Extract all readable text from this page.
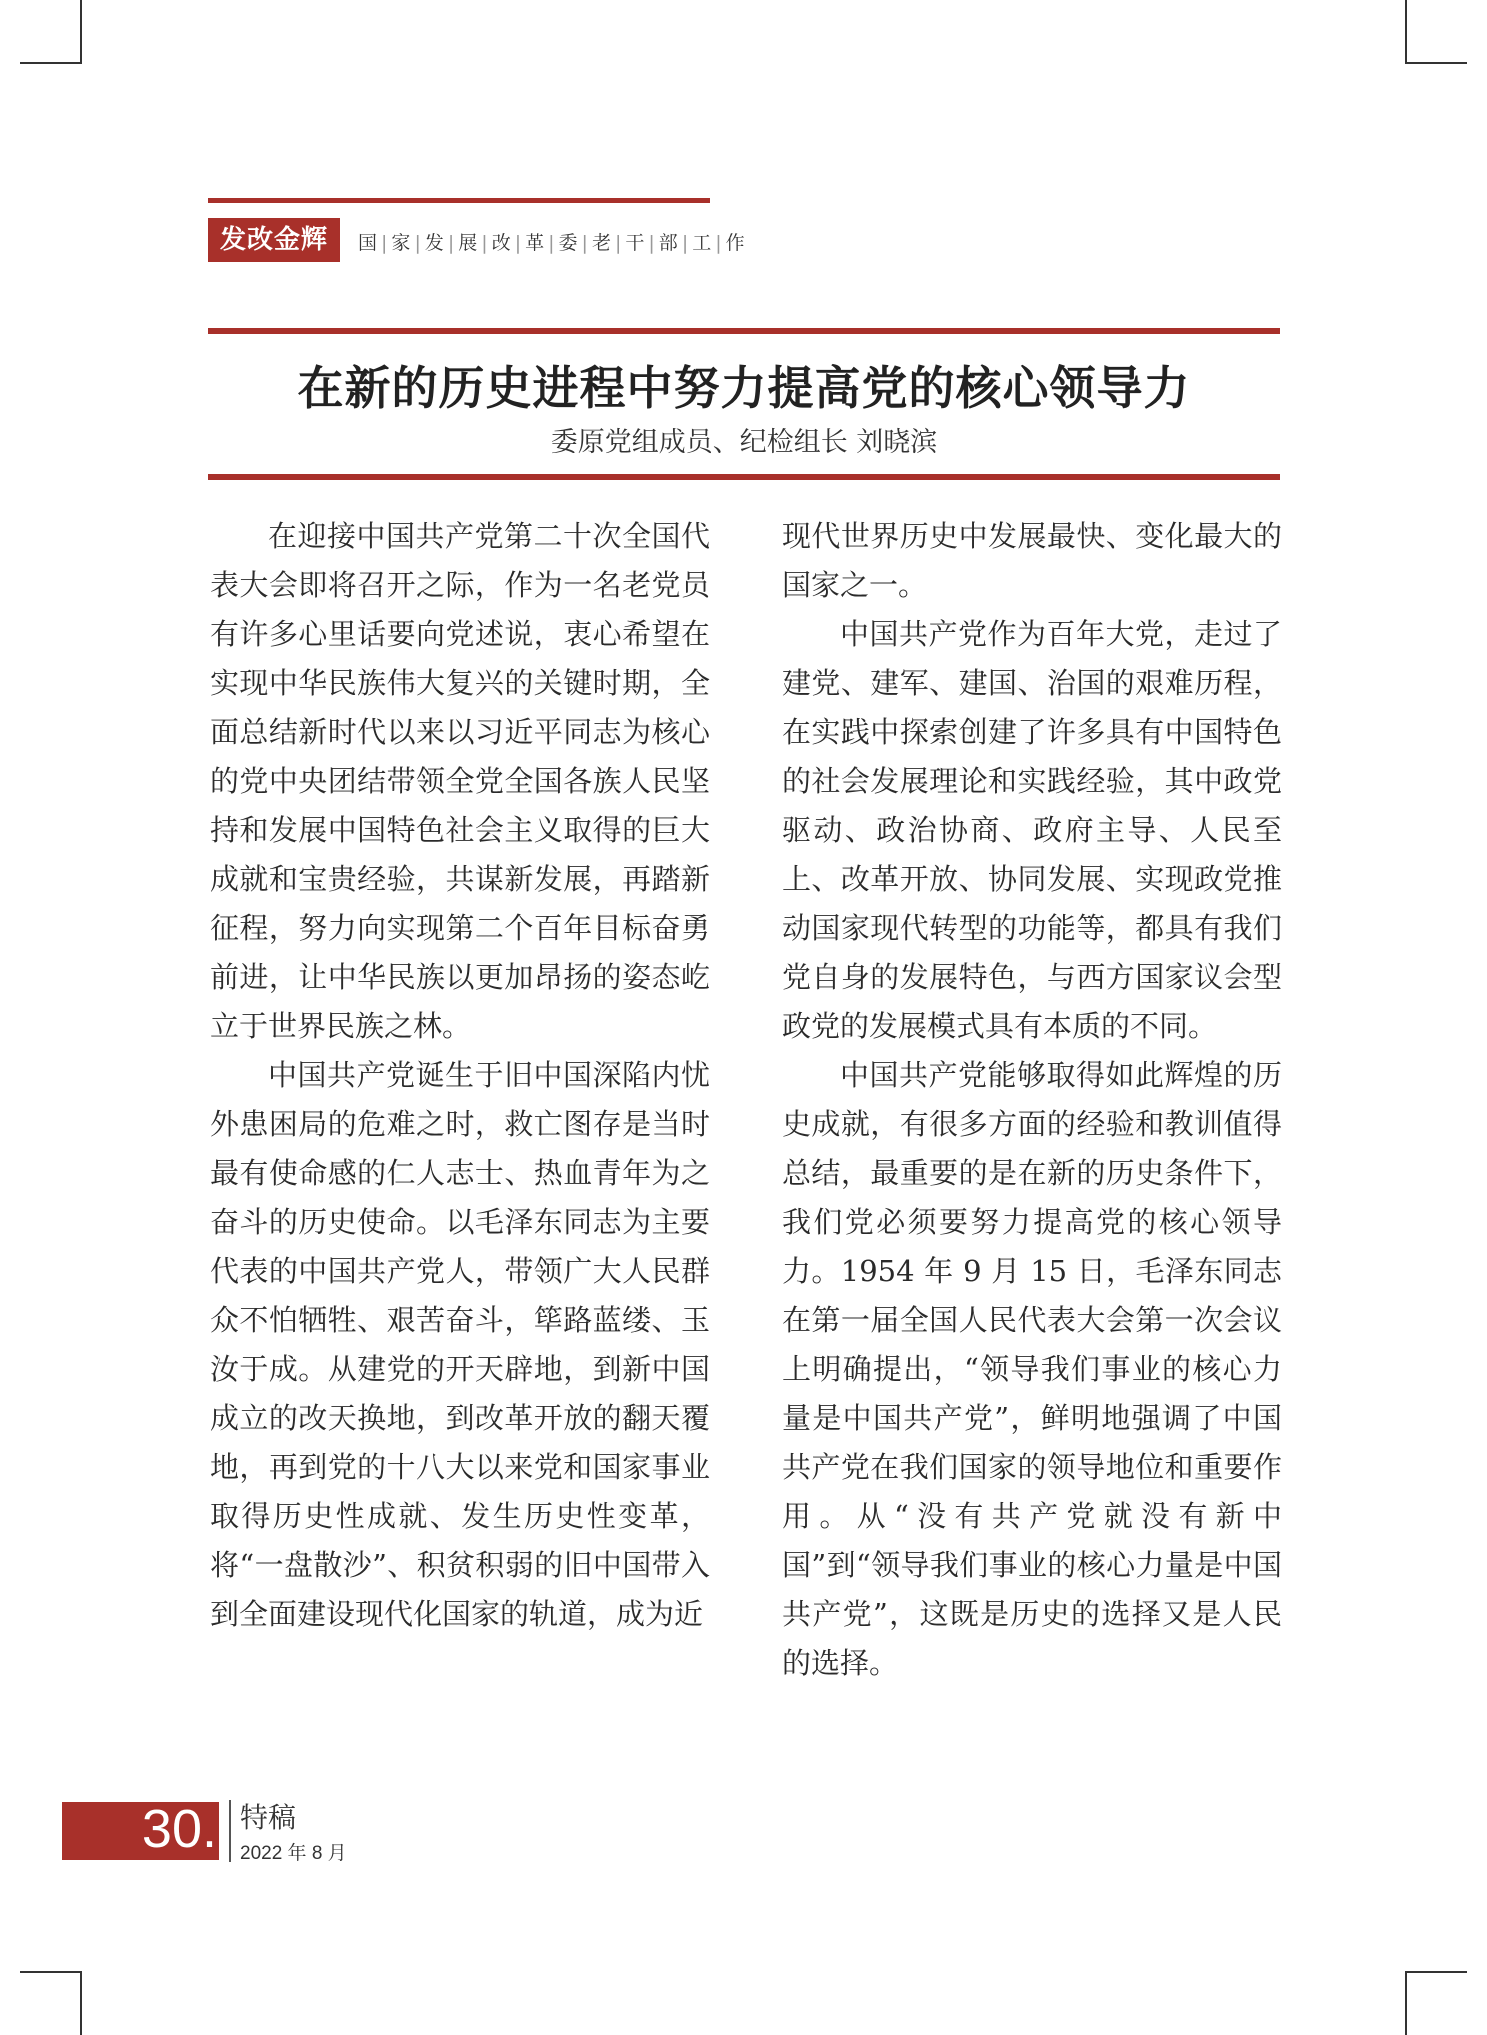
发改金辉	国 | 家 | 发 | 展 | 改 | 革 | 委 | 老 | 干 | 部 | 工 | 作
在新的历史进程中努力提高党的核心领导力
委原党组成员、纪检组长 刘晓滨

在迎接中国共产党第二十次全国代表大会即将召开之际，作为一名老党员有许多心里话要向党述说，衷心希望在实现中华民族伟大复兴的关键时期，全面总结新时代以来以习近平同志为核心的党中央团结带领全党全国各族人民坚持和发展中国特色社会主义取得的巨大成就和宝贵经验，共谋新发展，再踏新征程，努力向实现第二个百年目标奋勇前进，让中华民族以更加昂扬的姿态屹立于世界民族之林。

中国共产党诞生于旧中国深陷内忧外患困局的危难之时，救亡图存是当时最有使命感的仁人志士、热血青年为之奋斗的历史使命。以毛泽东同志为主要代表的中国共产党人，带领广大人民群众不怕牺牲、艰苦奋斗，筚路蓝缕、玉汝于成。从建党的开天辟地，到新中国成立的改天换地，到改革开放的翻天覆地，再到党的十八大以来党和国家事业取得历史性成就、发生历史性变革，将“一盘散沙”、积贫积弱的旧中国带入到全面建设现代化国家的轨道，成为近

现代世界历史中发展最快、变化最大的国家之一。

中国共产党作为百年大党，走过了建党、建军、建国、治国的艰难历程，在实践中探索创建了许多具有中国特色的社会发展理论和实践经验，其中政党驱动、政治协商、政府主导、人民至上、改革开放、协同发展、实现政党推动国家现代转型的功能等，都具有我们党自身的发展特色，与西方国家议会型政党的发展模式具有本质的不同。

中国共产党能够取得如此辉煌的历史成就，有很多方面的经验和教训值得总结，最重要的是在新的历史条件下，我们党必须要努力提高党的核心领导力。1954 年 9 月 15 日，毛泽东同志在第一届全国人民代表大会第一次会议上明确提出，“领导我们事业的核心力量是中国共产党”，鲜明地强调了中国共产党在我们国家的领导地位和重要作用。从“没有共产党就没有新中国”到“领导我们事业的核心力量是中国共产党”，这既是历史的选择又是人民的选择。

30. 特稿
2022 年 8 月
